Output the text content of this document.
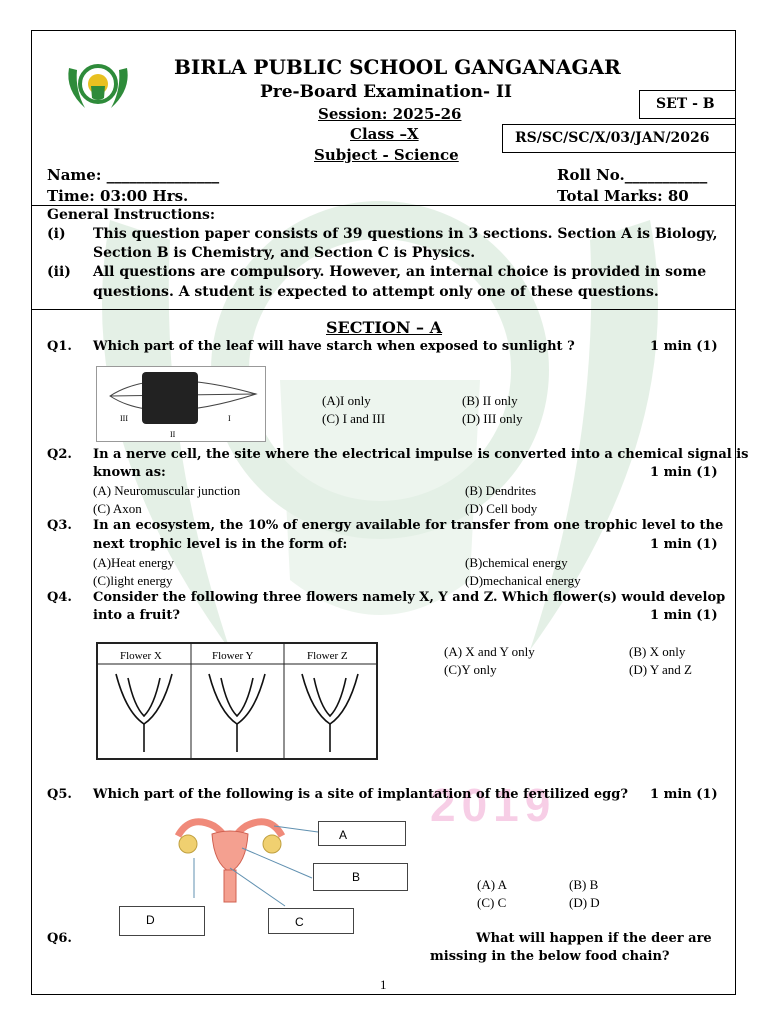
2019
BIRLA PUBLIC SCHOOL GANGANAGAR
Pre-Board Examination- II
Session: 2025-26
Class –X
Subject - Science
SET - B
RS/SC/SC/X/03/JAN/2026
Name: _______________	Roll No.___________
Time: 03:00 Hrs.	Total Marks: 80
General Instructions:
(i) This question paper consists of 39 questions in 3 sections. Section A is Biology,
Section B is Chemistry, and Section C is Physics.
(ii) All questions are compulsory. However, an internal choice is provided in some
questions. A student is expected to attempt only one of these questions.
SECTION – A
Q1. Which part of the leaf will have starch when exposed to sunlight ?	1 min (1)
III
II
I
(A)I only	(B) II only
(C) I and III	(D) III only
Q2. In a nerve cell, the site where the electrical impulse is converted into a chemical signal is
known as:	1 min (1)
(A) Neuromuscular junction	(B) Dendrites
(C) Axon	(D) Cell body
Q3. In an ecosystem, the 10% of energy available for transfer from one trophic level to the
next trophic level is in the form of:	1 min (1)
(A)Heat energy	(B)chemical energy
(C)light energy	(D)mechanical energy
Q4. Consider the following three flowers namely X, Y and Z. Which flower(s) would develop
into a fruit?	1 min (1)
Flower X	Flower Y	Flower Z	(A) X and Y only	(B) X only
(C)Y only	(D) Y and Z
Q5. Which part of the following is a site of implantation of the fertilized egg? 1 min (1)
A
B
C
D
(A) A	(B) B
(C) C	(D) D
Q6.	What will happen if the deer are
missing in the below food chain?
1
